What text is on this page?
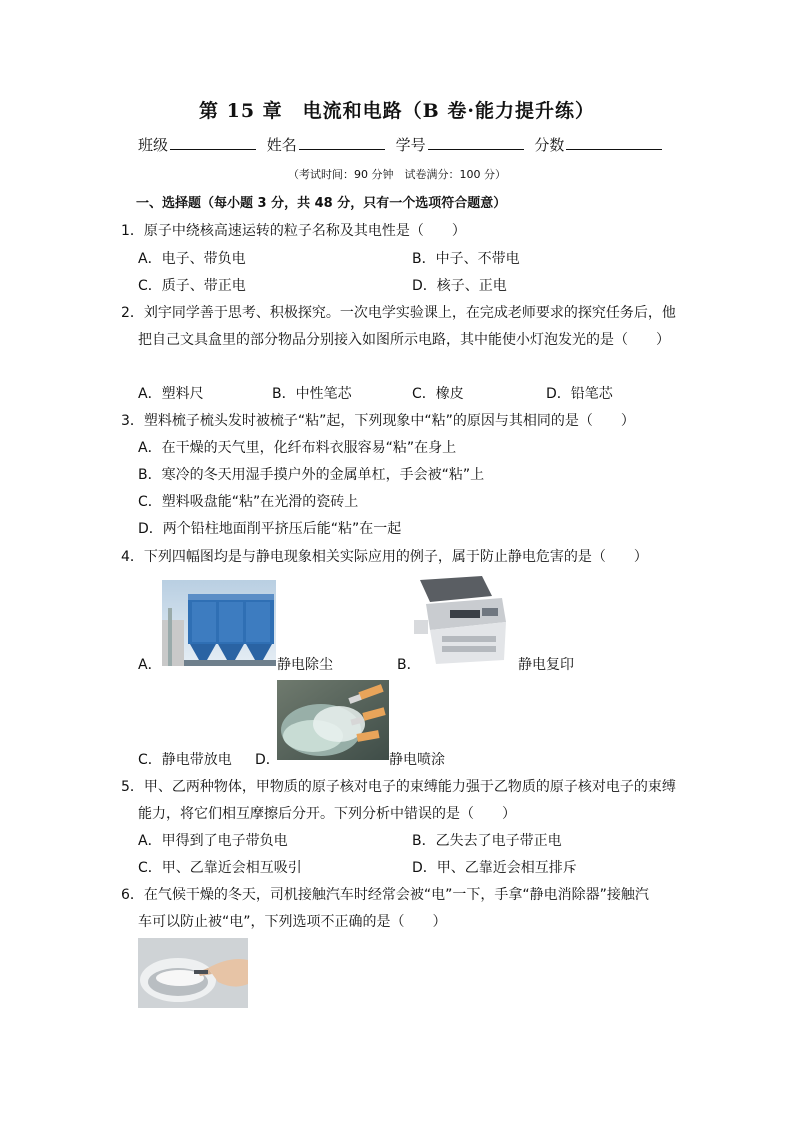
第 15 章　电流和电路（B 卷·能力提升练）
班级	姓名	学号	分数
（考试时间：90 分钟　试卷满分：100 分）
一、选择题（每小题 3 分，共 48 分，只有一个选项符合题意）
1．原子中绕核高速运转的粒子名称及其电性是（　　）
A．电子、带负电	B．中子、不带电
C．质子、带正电	D．核子、正电
2．刘宇同学善于思考、积极探究。一次电学实验课上，在完成老师要求的探究任务后，他
把自己文具盒里的部分物品分别接入如图所示电路，其中能使小灯泡发光的是（　　）
A．塑料尺	B．中性笔芯	C．橡皮	D．铅笔芯
3．塑料梳子梳头发时被梳子“粘”起，下列现象中“粘”的原因与其相同的是（　　）
A．在干燥的天气里，化纤布料衣服容易“粘”在身上
B．寒冷的冬天用湿手摸户外的金属单杠，手会被“粘”上
C．塑料吸盘能“粘”在光滑的瓷砖上
D．两个铅柱地面削平挤压后能“粘”在一起
4．下列四幅图均是与静电现象相关实际应用的例子，属于防止静电危害的是（　　）
A．	静电除尘	B．	静电复印
C．静电带放电 D．	静电喷涂
5．甲、乙两种物体，甲物质的原子核对电子的束缚能力强于乙物质的原子核对电子的束缚
能力，将它们相互摩擦后分开。下列分析中错误的是（　　）
A．甲得到了电子带负电	B．乙失去了电子带正电
C．甲、乙靠近会相互吸引	D．甲、乙靠近会相互排斥
6．在气候干燥的冬天，司机接触汽车时经常会被“电”一下，手拿“静电消除器”接触汽
车可以防止被“电”，下列选项不正确的是（　　）
